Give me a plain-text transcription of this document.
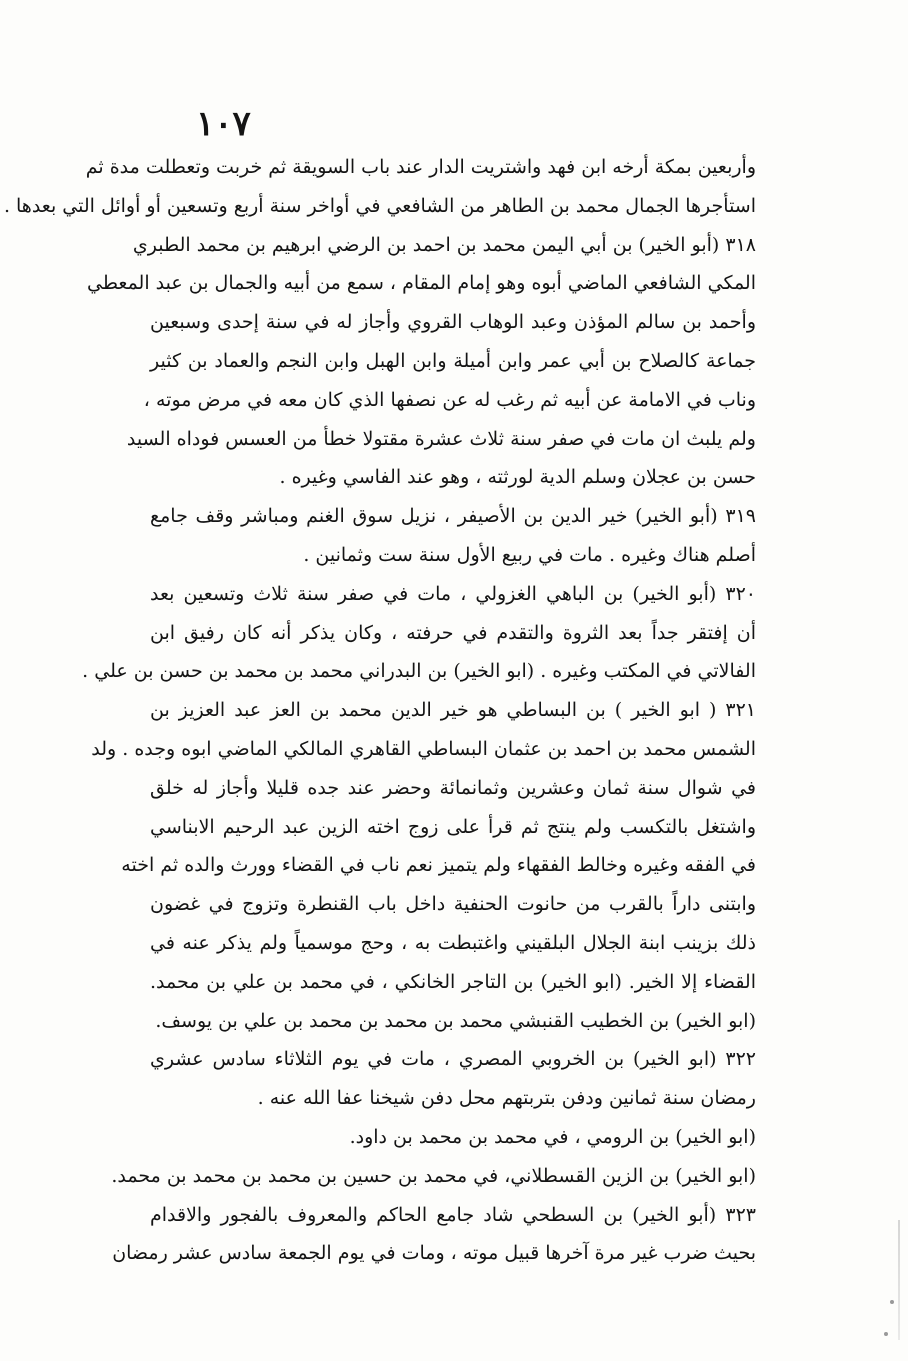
١٠٧
وأربعين بمكة أرخه ابن فهد واشتريت الدار عند باب السويقة ثم خربت وتعطلت مدة ثم
استأجرها الجمال محمد بن الطاهر من الشافعي في أواخر سنة أربع وتسعين أو أوائل التي بعدها .
٣١٨ (أبو الخير) بن أبي اليمن محمد بن احمد بن الرضي ابرهيم بن محمد الطبري
المكي الشافعي الماضي أبوه وهو إمام المقام ، سمع من أبيه والجمال بن عبد المعطي
وأحمد بن سالم المؤذن وعبد الوهاب القروي وأجاز له في سنة إحدى وسبعين
جماعة كالصلاح بن أبي عمر وابن أميلة وابن الهبل وابن النجم والعماد بن كثير
وناب في الامامة عن أبيه ثم رغب له عن نصفها الذي كان معه في مرض موته ،
ولم يلبث ان مات في صفر سنة ثلاث عشرة مقتولا خطأ من العسس فوداه السيد
حسن بن عجلان وسلم الدية لورثته ، وهو عند الفاسي وغيره .
٣١٩ (أبو الخير) خير الدين بن الأصيفر ، نزيل سوق الغنم ومباشر وقف جامع
أصلم هناك وغيره . مات في ربيع الأول سنة ست وثمانين .
٣٢٠ (أبو الخير) بن الباهي الغزولي ، مات في صفر سنة ثلاث وتسعين بعد
أن إفتقر جداً بعد الثروة والتقدم في حرفته ، وكان يذكر أنه كان رفيق ابن
الفالاتي في المكتب وغيره . (ابو الخير) بن البدراني محمد بن محمد بن حسن بن علي .
٣٢١ ( ابو الخير ) بن البساطي هو خير الدين محمد بن العز عبد العزيز بن
الشمس محمد بن احمد بن عثمان البساطي القاهري المالكي الماضي ابوه وجده . ولد
في شوال سنة ثمان وعشرين وثمانمائة وحضر عند جده قليلا وأجاز له خلق
واشتغل بالتكسب ولم ينتج ثم قرأ على زوج اخته الزين عبد الرحيم الابناسي
في الفقه وغيره وخالط الفقهاء ولم يتميز نعم ناب في القضاء وورث والده ثم اخته
وابتنى داراً بالقرب من حانوت الحنفية داخل باب القنطرة وتزوج في غضون
ذلك بزينب ابنة الجلال البلقيني واغتبطت به ، وحج موسمياً ولم يذكر عنه في
القضاء إلا الخير. (ابو الخير) بن التاجر الخانكي ، في محمد بن علي بن محمد.
(ابو الخير) بن الخطيب القنبشي محمد بن محمد بن محمد بن علي بن يوسف.
٣٢٢ (ابو الخير) بن الخروبي المصري ، مات في يوم الثلاثاء سادس عشري
رمضان سنة ثمانين ودفن بتربتهم محل دفن شيخنا عفا الله عنه .
(ابو الخير) بن الرومي ، في محمد بن محمد بن داود.
(ابو الخير) بن الزين القسطلاني، في محمد بن حسين بن محمد بن محمد بن محمد.
٣٢٣ (أبو الخير) بن السطحي شاد جامع الحاكم والمعروف بالفجور والاقدام
بحيث ضرب غير مرة آخرها قبيل موته ، ومات في يوم الجمعة سادس عشر رمضان
